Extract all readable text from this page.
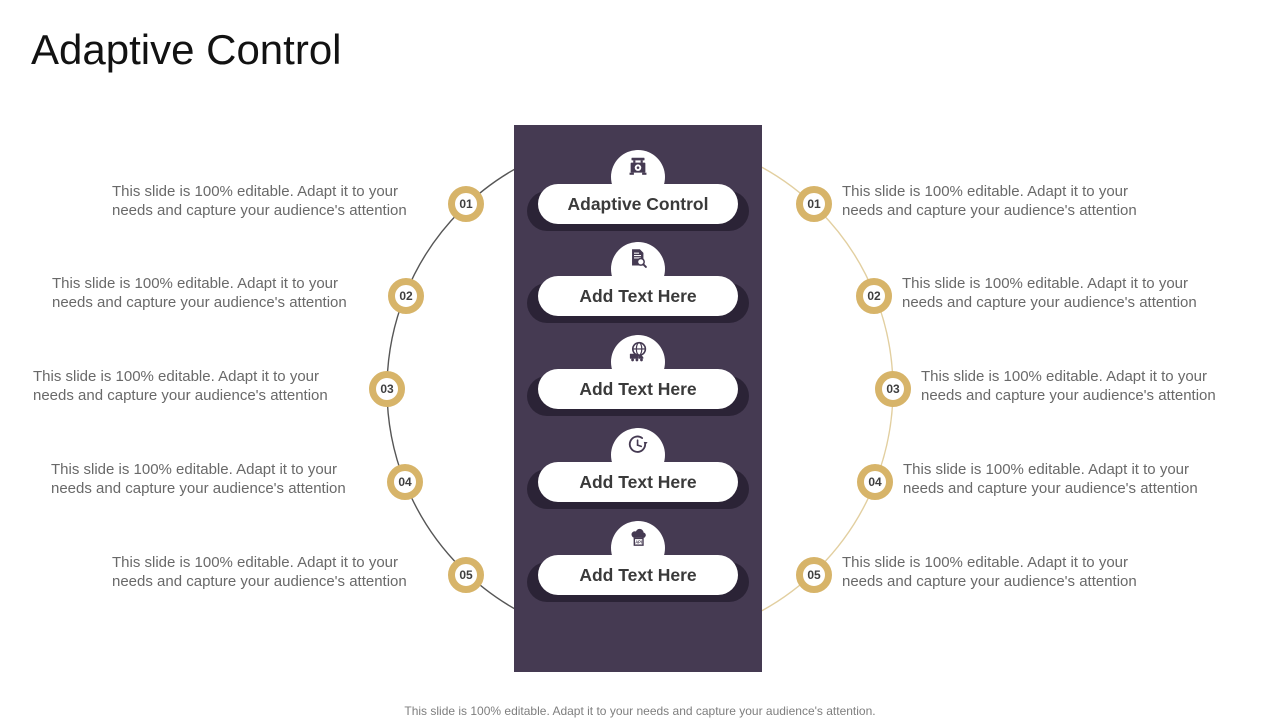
Adaptive Control
Adaptive Control
Add Text Here
Add Text Here
Add Text Here
API
Add Text Here
01
02
03
04
05
01
02
03
04
05
This slide is 100% editable. Adapt it to your needs and capture your audience's attention
This slide is 100% editable. Adapt it to your needs and capture your audience's attention
This slide is 100% editable. Adapt it to your needs and capture your audience's attention
This slide is 100% editable. Adapt it to your needs and capture your audience's attention
This slide is 100% editable. Adapt it to your needs and capture your audience's attention
This slide is 100% editable. Adapt it to your needs and capture your audience's attention
This slide is 100% editable. Adapt it to your needs and capture your audience's attention
This slide is 100% editable. Adapt it to your needs and capture your audience's attention
This slide is 100% editable. Adapt it to your needs and capture your audience's attention
This slide is 100% editable. Adapt it to your needs and capture your audience's attention
This slide is 100% editable. Adapt it to your needs and capture your audience's attention.
